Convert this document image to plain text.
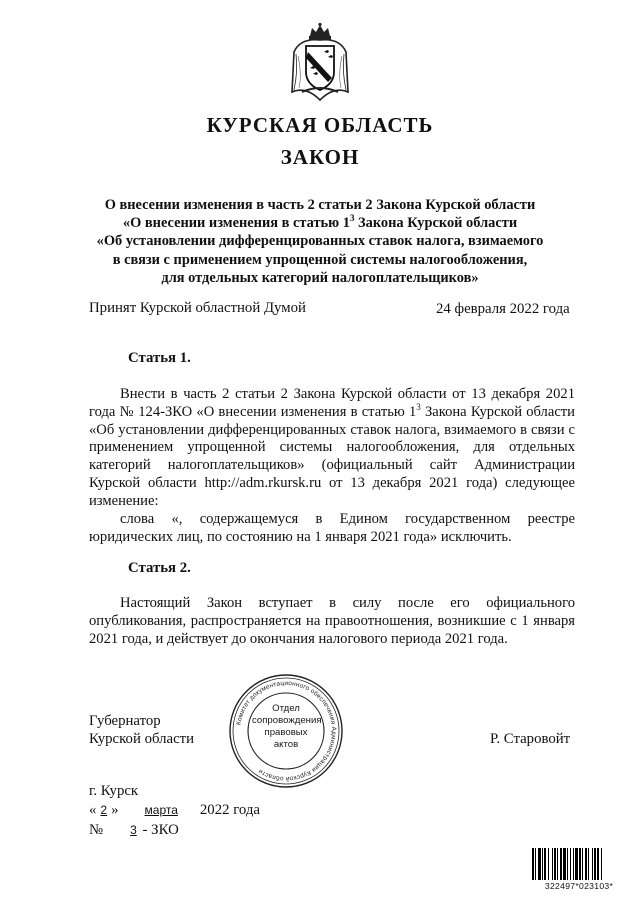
КУРСКАЯ ОБЛАСТЬ
ЗАКОН
О внесении изменения в часть 2 статьи 2 Закона Курской области
«О внесении изменения в статью $1^3$ Закона Курской области
«Об установлении дифференцированных ставок налога, взимаемого
в связи с применением упрощенной системы налогообложения,
для отдельных категорий налогоплательщиков»
Принят Курской областной Думой	24 февраля 2022 года
Статья 1.
Внести в часть 2 статьи 2 Закона Курской области от 13 декабря 2021 года № 124-ЗКО «О внесении изменения в статью $1^3$ Закона Курской области «Об установлении дифференцированных ставок налога, взимаемого в связи с применением упрощенной системы налогообложения, для отдельных категорий налогоплательщиков» (официальный сайт Администрации Курской области http://adm.rkursk.ru от 13 декабря 2021 года) следующее изменение:
слова «, содержащемуся в Едином государственном реестре юридических лиц, по состоянию на 1 января 2021 года» исключить.
Статья 2.
Настоящий Закон вступает в силу после его официального опубликования, распространяется на правоотношения, возникшие с 1 января 2021 года, и действует до окончания налогового периода 2021 года.
Комитет документационного обеспечения Администрации Курской области
Отдел
сопровождения
правовых
актов
Губернатор
Курской области	Р. Старовойт
г. Курск
« 2 » марта 2022 года
№ 3 - ЗКО
322497*023103*
